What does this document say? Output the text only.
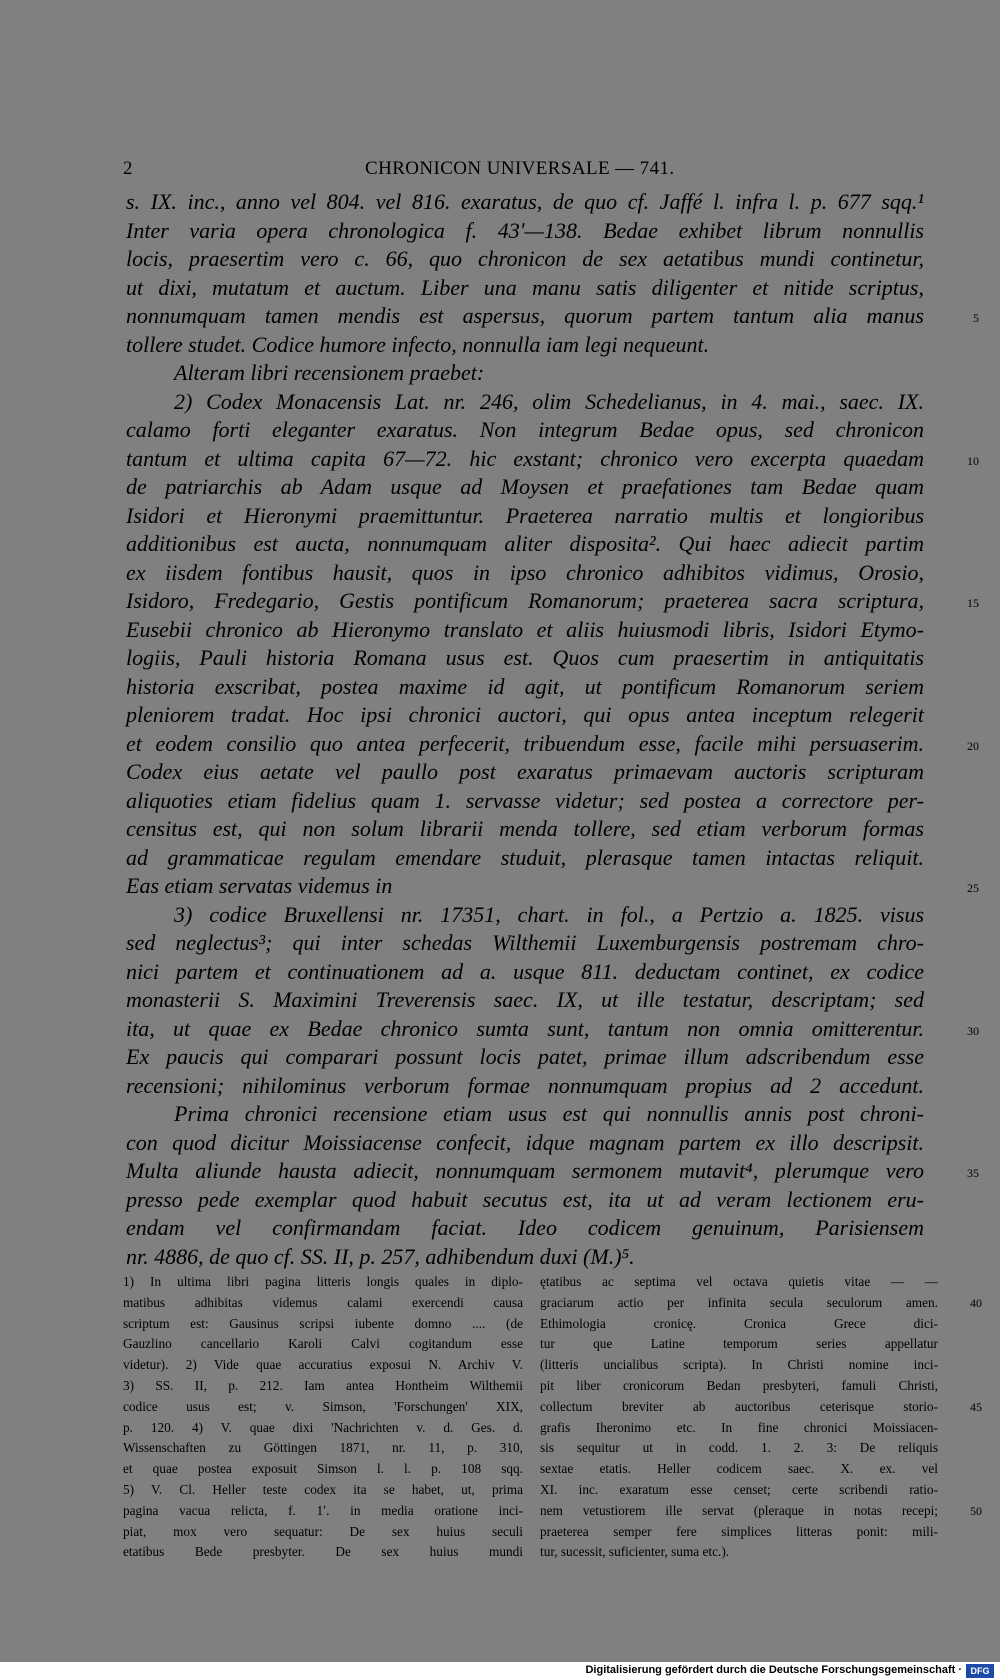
2	CHRONICON UNIVERSALE — 741.
s. IX. inc., anno vel 804. vel 816. exaratus, de quo cf. Jaffé l. infra l. p. 677 sqq.¹
Inter varia opera chronologica f. 43ʹ—138. Bedae exhibet librum nonnullis
locis, praesertim vero c. 66, quo chronicon de sex aetatibus mundi continetur,
ut dixi, mutatum et auctum. Liber una manu satis diligenter et nitide scriptus,
nonnumquam tamen mendis est aspersus, quorum partem tantum alia manus	5
tollere studet. Codice humore infecto, nonnulla iam legi nequeunt.
Alteram libri recensionem praebet:
2) Codex Monacensis Lat. nr. 246, olim Schedelianus, in 4. mai., saec. IX.
calamo forti eleganter exaratus. Non integrum Bedae opus, sed chronicon
tantum et ultima capita 67—72. hic exstant; chronico vero excerpta quaedam	10
de patriarchis ab Adam usque ad Moysen et praefationes tam Bedae quam
Isidori et Hieronymi praemittuntur. Praeterea narratio multis et longioribus
additionibus est aucta, nonnumquam aliter disposita². Qui haec adiecit partim
ex iisdem fontibus hausit, quos in ipso chronico adhibitos vidimus, Orosio,
Isidoro, Fredegario, Gestis pontificum Romanorum; praeterea sacra scriptura,	15
Eusebii chronico ab Hieronymo translato et aliis huiusmodi libris, Isidori Etymo-
logiis, Pauli historia Romana usus est. Quos cum praesertim in antiquitatis
historia exscribat, postea maxime id agit, ut pontificum Romanorum seriem
pleniorem tradat. Hoc ipsi chronici auctori, qui opus antea inceptum relegerit
et eodem consilio quo antea perfecerit, tribuendum esse, facile mihi persuaserim.	20
Codex eius aetate vel paullo post exaratus primaevam auctoris scripturam
aliquoties etiam fidelius quam 1. servasse videtur; sed postea a correctore per-
censitus est, qui non solum librarii menda tollere, sed etiam verborum formas
ad grammaticae regulam emendare studuit, plerasque tamen intactas reliquit.
Eas etiam servatas videmus in	25
3) codice Bruxellensi nr. 17351, chart. in fol., a Pertzio a. 1825. visus
sed neglectus³; qui inter schedas Wilthemii Luxemburgensis postremam chro-
nici partem et continuationem ad a. usque 811. deductam continet, ex codice
monasterii S. Maximini Treverensis saec. IX, ut ille testatur, descriptam; sed
ita, ut quae ex Bedae chronico sumta sunt, tantum non omnia omitterentur.	30
Ex paucis qui comparari possunt locis patet, primae illum adscribendum esse
recensioni; nihilominus verborum formae nonnumquam propius ad 2 accedunt.
Prima chronici recensione etiam usus est qui nonnullis annis post chroni-
con quod dicitur Moissiacense confecit, idque magnam partem ex illo descripsit.
Multa aliunde hausta adiecit, nonnumquam sermonem mutavit⁴, plerumque vero	35
presso pede exemplar quod habuit secutus est, ita ut ad veram lectionem eru-
endam vel confirmandam faciat. Ideo codicem genuinum, Parisiensem
nr. 4886, de quo cf. SS. II, p. 257, adhibendum duxi (M.)⁵.
1) In ultima libri pagina litteris longis quales in diplo-
matibus adhibitas videmus calami exercendi causa
scriptum est: Gausinus scripsi iubente domno .... (de
Gauzlino cancellario Karoli Calvi cogitandum esse
videtur). 2) Vide quae accuratius exposui N. Archiv V.
3) SS. II, p. 212. Iam antea Hontheim Wilthemii
codice usus est; v. Simson, 'Forschungen' XIX,
p. 120. 4) V. quae dixi 'Nachrichten v. d. Ges. d.
Wissenschaften zu Göttingen 1871, nr. 11, p. 310,
et quae postea exposuit Simson l. l. p. 108 sqq.
5) V. Cl. Heller teste codex ita se habet, ut, prima
pagina vacua relicta, f. 1ʹ. in media oratione inci-
piat, mox vero sequatur: De sex huius seculi
etatibus Bede presbyter. De sex huius mundi
ętatibus ac septima vel octava quietis vitae — —
graciarum actio per infinita secula seculorum amen.	40
Ethimologia cronicę. Cronica Grece dici-
tur que Latine temporum series appellatur
(litteris uncialibus scripta). In Christi nomine inci-
pit liber cronicorum Bedan presbyteri, famuli Christi,
collectum breviter ab auctoribus ceterisque storio-	45
grafis Iheronimo etc. In fine chronici Moissiacen-
sis sequitur ut in codd. 1. 2. 3: De reliquis
sextae etatis. Heller codicem saec. X. ex. vel
XI. inc. exaratum esse censet; certe scribendi ratio-
nem vetustiorem ille servat (pleraque in notas recepi;	50
praeterea semper fere simplices litteras ponit: mili-
tur, sucessit, suficienter, suma etc.).
Digitalisierung gefördert durch die Deutsche Forschungsgemeinschaft · DFG
